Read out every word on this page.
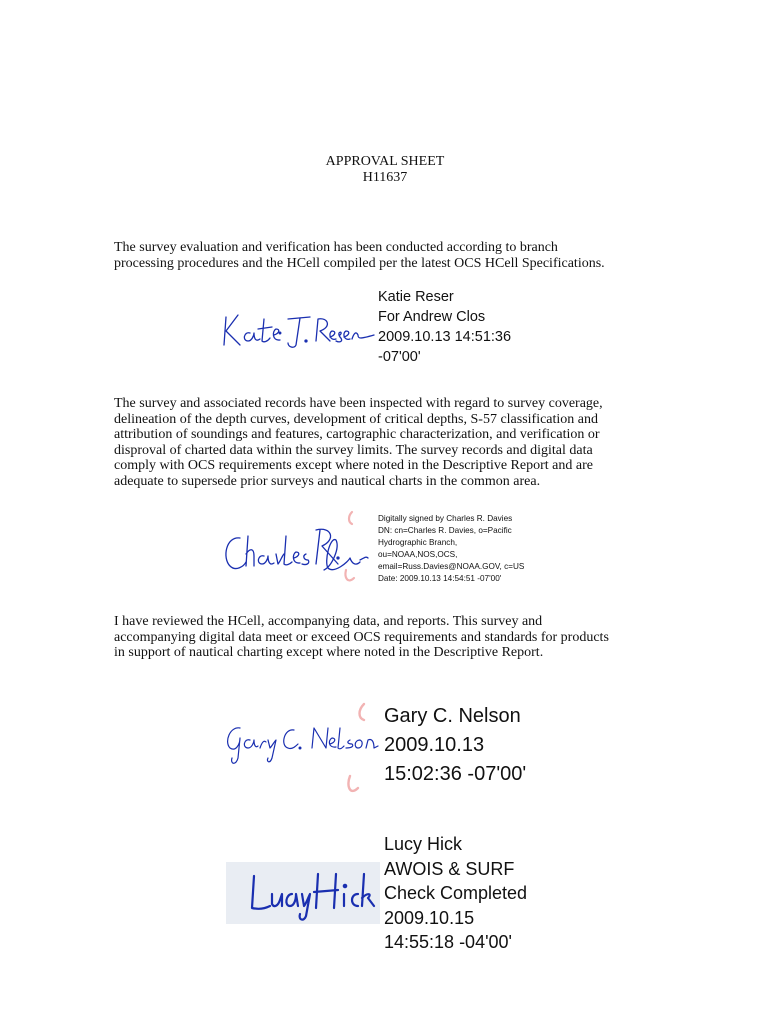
APPROVAL SHEET
H11637

The survey evaluation and verification has been conducted according to branch
processing procedures and the HCell compiled per the latest OCS HCell Specifications.

Katie Reser
For Andrew Clos
2009.10.13 14:51:36
-07'00'

The survey and associated records have been inspected with regard to survey coverage,
delineation of the depth curves, development of critical depths, S-57 classification and
attribution of soundings and features, cartographic characterization, and verification or
disproval of charted data within the survey limits. The survey records and digital data
comply with OCS requirements except where noted in the Descriptive Report and are
adequate to supersede prior surveys and nautical charts in the common area.

Digitally signed by Charles R. Davies
DN: cn=Charles R. Davies, o=Pacific
Hydrographic Branch,
ou=NOAA,NOS,OCS,
email=Russ.Davies@NOAA.GOV, c=US
Date: 2009.10.13 14:54:51 -07'00'

I have reviewed the HCell, accompanying data, and reports. This survey and
accompanying digital data meet or exceed OCS requirements and standards for products
in support of nautical charting except where noted in the Descriptive Report.

Gary C. Nelson
2009.10.13
15:02:36 -07'00'
Lucy Hick
AWOIS & SURF
Check Completed
2009.10.15
14:55:18 -04'00'
